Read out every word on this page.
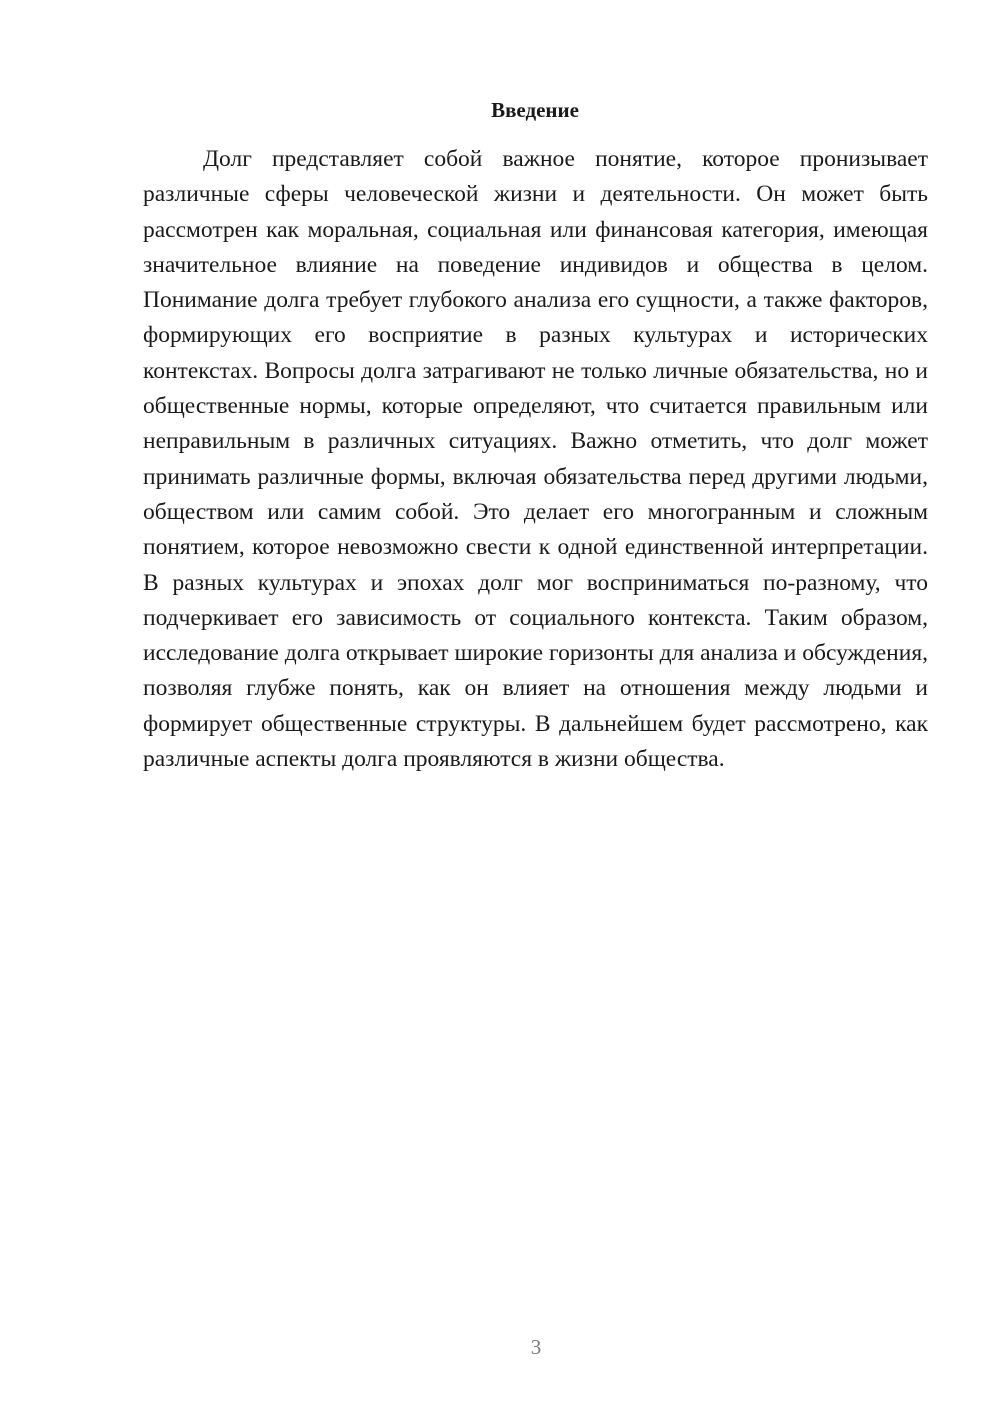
Введение

Долг представляет собой важное понятие, которое пронизывает различные сферы человеческой жизни и деятельности. Он может быть рассмотрен как моральная, социальная или финансовая категория, имеющая значительное влияние на поведение индивидов и общества в целом. Понимание долга требует глубокого анализа его сущности, а также факторов, формирующих его восприятие в разных культурах и исторических контекстах. Вопросы долга затрагивают не только личные обязательства, но и общественные нормы, которые определяют, что считается правильным или неправильным в различных ситуациях. Важно отметить, что долг может принимать различные формы, включая обязательства перед другими людьми, обществом или самим собой. Это делает его многогранным и сложным понятием, которое невозможно свести к одной единственной интерпретации. В разных культурах и эпохах долг мог восприниматься по-разному, что подчеркивает его зависимость от социального контекста. Таким образом, исследование долга открывает широкие горизонты для анализа и обсуждения, позволяя глубже понять, как он влияет на отношения между людьми и формирует общественные структуры. В дальнейшем будет рассмотрено, как различные аспекты долга проявляются в жизни общества.

3
